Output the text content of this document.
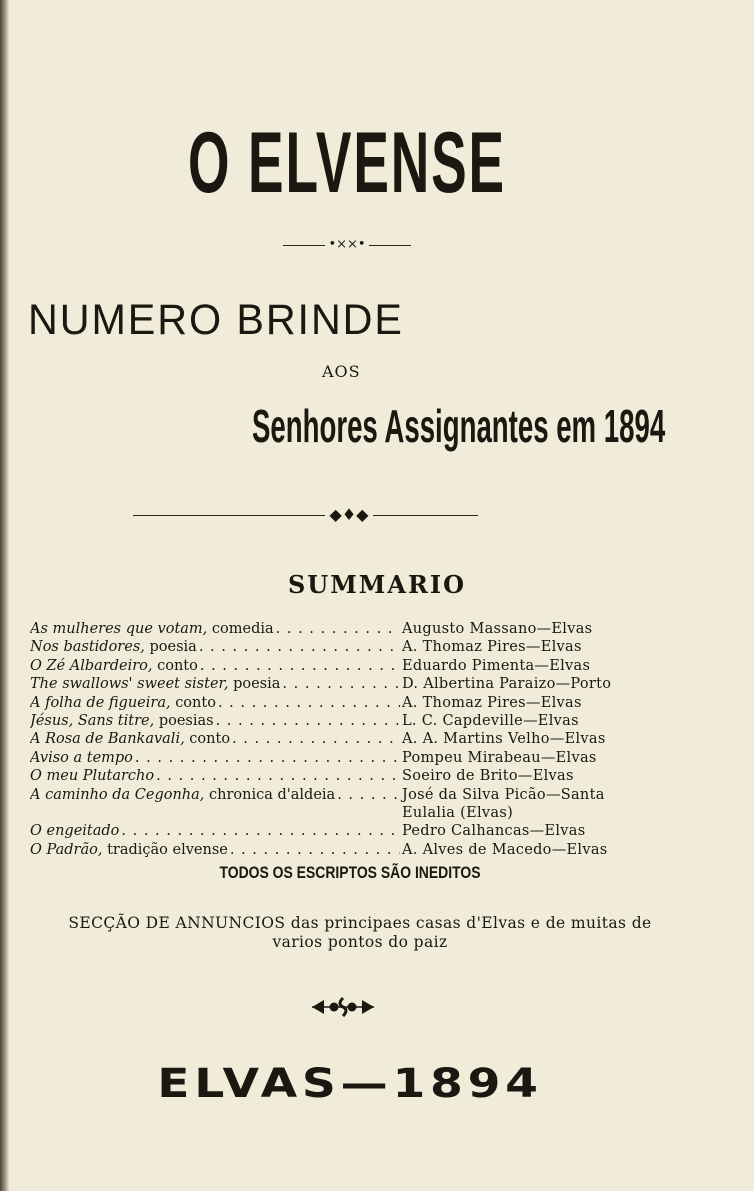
O ELVENSE
•××•
NUMERO BRINDE
AOS
Senhores Assignantes em 1894
◆♦◆
SUMMARIO
As mulheres que votam, comedia . . .	Augusto Massano—Elvas
Nos bastidores, poesia . . .	A. Thomaz Pires—Elvas
O Zé Albardeiro, conto . . .	Eduardo Pimenta—Elvas
The swallows' sweet sister, poesia . . .	D. Albertina Paraizo—Porto
A folha de figueira, conto . . .	A. Thomaz Pires—Elvas
Jésus, Sans titre, poesias . . .	L. C. Capdeville—Elvas
A Rosa de Bankavali, conto . . .	A. A. Martins Velho—Elvas
Aviso a tempo . . .	Pompeu Mirabeau—Elvas
O meu Plutarcho . . .	Soeiro de Brito—Elvas
A caminho da Cegonha, chronica d'aldeia . . .	José da Silva Picão—Santa Eulalia (Elvas)
O engeitado . . .	Pedro Calhancas—Elvas
O Padrão, tradição elvense . . .	A. Alves de Macedo—Elvas
TODOS OS ESCRIPTOS SÃO INEDITOS
SECÇÃO DE ANNUNCIOS das principaes casas d'Elvas e de muitas de varios pontos do paiz
ELVAS—1894
